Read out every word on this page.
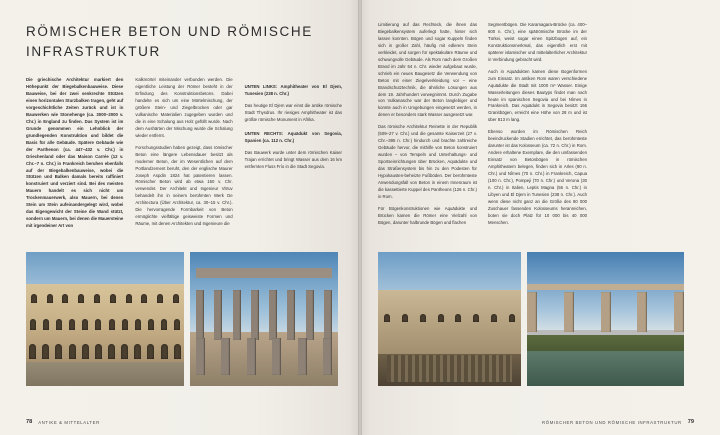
RÖMISCHER BETON UND RÖMISCHE INFRASTRUKTUR

Die griechische Architektur markiert den Höhepunkt der Biegebalkenbauweise. Diese Bauweise, bei der zwei senkrechte Stützen einen horizontalen Sturzbalken tragen, geht auf vorgeschichtliche Zeiten zurück und ist in Bauwerken wie Stonehenge (ca. 3000–2000 v. Chr.) in England zu finden. Das System ist im Grunde genommen ein Lehnblick der grundlegenden Konstruktion und bildet die Basis für alle Gebäude. Spätere Gebäude wie der Parthenon (ca. 447–432 v. Chr.) in Griechenland oder das Maison Carrée (12 v. Chr.–7 n. Chr.) in Frankreich beruhen ebenfalls auf der Biegebalkenbauweise, wobei die Stützen und Balken damals bereits raffiniert konstruiert und verziert sind. Bei des meisten Mauern handelt es sich nicht um Trockenmauerwerk, also Mauern, bei denen Stein um Stein aufeinandergelegt wird, wobei das Eigengewicht der Steine die Wand stützt, sondern um Mauern, bei denen die Mauersteine mit irgendeiner Art von

Kalkmörtel miteinander verbunden werden. Die eigentliche Leistung der Römer besteht in der Erfindung des Konstruktionsbetons. Dabei handelte es sich um eine Mörtelmischung, der größere Stein- und Ziegelbrocken oder gar vulkanische Materialien zugegeben wurden und die in eine Schalung aus Holz gefüllt wurde. Nach dem Aushärten der Mischung wurde die Schalung wieder entfernt.

Forschungsstudien haben gezeigt, dass römischer Beton eine längere Lebensdauer besitzt als moderner Beton, der im Wesentlichen auf dem Portlandzement beruht, den der englische Maurer Joseph Aspdin 1824 hat patentieren lassen. Römischer Beton wird ab etwa 150 v. Chr. verwendet. Der Architekt und Ingenieur Vitruv behandelt ihn in seinem berühmten Werk De Architectura (Über Architektur, ca. 30–15 v. Chr.). Die hervorragende Formbarkeit von Beton ermöglichte vielfältige geisweiste Formen und Räume, mit denen Architekten und Ingenieure die

UNTEN LINKS: Amphitheater von El Djem, Tunesien (238 n. Chr.)

Das heutige El Djem war einst die antike römische Stadt Thysdrus. Ihr riesiges Amphitheater ist das größte römische Monument in Afrika.

UNTEN RECHTS: Aquädukt von Segovia, Spanien (ca. 112 n. Chr.)

Das Bauwerk wurde unter dem römischen Kaiser Trajan errichtet und bringt Wasser aus dem 16 km entfernten Fluss Frío in die Stadt Segovia.

78 ANTIKE & MITTELALTER

Limitierung auf das Rechteck, die ihnen das Biegebalkensystem auferlegt hatte, hinter sich lassen konnten. Bögen und sogar Kuppeln finden sich in großer Zahl, häufig mit edlerem Stein verkleidet, und sorgen für spektakuläre Räume und schwungvolle Gebäude. Als Rom nach dem Großen Brand im Jahr 64 n. Chr. wieder aufgebaut wurde, schrieb ein neues Baugesetz die Verwendung von Beton mit einer Ziegelverkleidung vor – eine Brandschutztechnik, die ähnliche Lösungen aus dem 19. Jahrhundert vorwegnimmt. Durch Zugabe von Vulkanasche war der Beton langlebiger und konnte auch in Umgebungen eingesetzt werden, in denen er besonders stark Wasser ausgesetzt war.

Das römische Architektur Reinette in der Republik (509–27 v. Chr.) und die gesamte Kaiserzeit (27 v. Chr.–395 n. Chr.) hindurch und brachte zahlreiche Gebäude hervor, die mithilfe von Beton konstruiert wurden – von Tempeln und Unterhaltungs- und Sportseinrichtungen über Brücken, Aquädukte und das Straßensystem bis hin zu den Podesten für Hypokausten-beheizte Fußböden. Der berühmteste Anwendungsfall von Beton in einem Innenraum ist die kassettierte Kuppel des Pantheons (126 n. Chr.) in Rom.

Für Bögenkonstruktionen wie Aquädukte und Brücken kamen die Römer eine Vielzahl von Bögen, darunter halbrunde Bögen und flachen

Segmentbögen. Die Karamagara-Brücke (ca. 400–600 n. Chr.), eine spätrömische Brücke im der Türkei, weist sogar einen Spitzbogen auf, ein Konstruktionsmerkmal, das eigentlich erst mit späterer islamischer und mittelalterlicher Architektur in Verbindung gebracht wird.

Auch in Aquädukten kamen diese Bogenformen zum Einsatz. Im antiken Rom waren verschiedene Aquädukte die Stadt mit 1000 m³ Wasser. Einige Wasserleitungen dieses Bautyps findet man nach heute im spanischen Segovia und bei Nîmes in Frankreich. Das Aquädukt in Segovia besitzt 166 Granitbögen, erreicht eine Höhe von 28 m und ist über 813 m lang.

Ebenso wurden im Römischen Reich beeindruckende Stadien errichtet, das berühmteste darunter ist das Kolosseum (ca. 72 n. Chr.) in Rom. Andere erhaltene Exemplare, die den umfassenden Einsatz von Betonbögen in römischen Amphitheatern belegen, finden sich in Arles (90 n. Chr.) und Nîmes (70 n. Chr.) in Frankreich, Capua (100 n. Chr.), Pompeji (70 n. Chr.) und Verona (30 n. Chr.) in Italien, Leptis Magna (56 n. Chr.) in Libyen und El Djem in Tunesien (238 n. Chr.). Auch wenn diese nicht ganz an die Größe des 80 000 Zuschauer fassenden Kolosseums heranreichen, boten sie doch Platz für 10 000 bis 40 000 Menschen.

RÖMISCHER BETON UND RÖMISCHE INFRASTRUKTUR 79
